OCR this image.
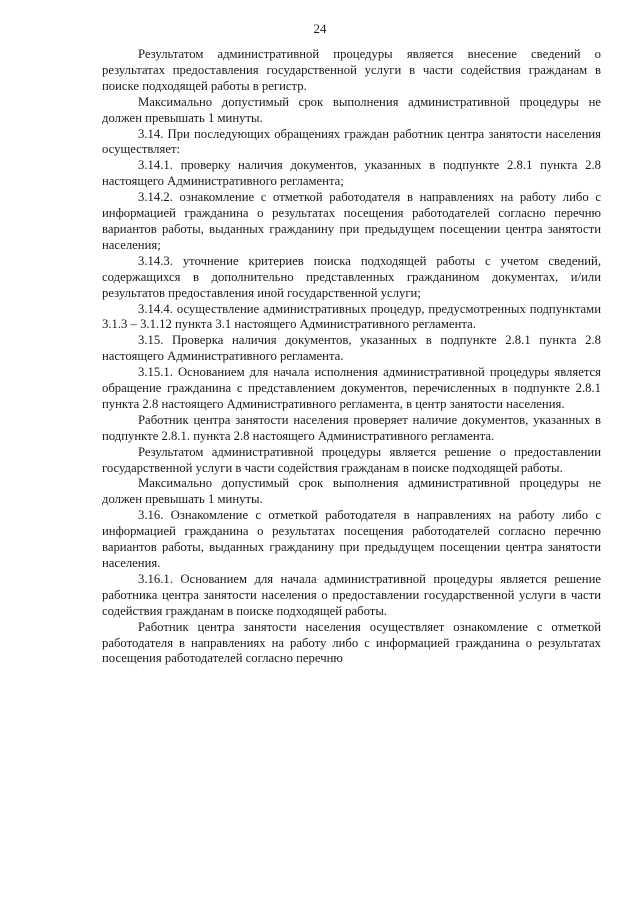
24

Результатом административной процедуры является внесение сведений о результатах предоставления государственной услуги в части содействия гражданам в поиске подходящей работы в регистр.

Максимально допустимый срок выполнения административной процедуры не должен превышать 1 минуты.

3.14. При последующих обращениях граждан работник центра занятости населения осуществляет:

3.14.1. проверку наличия документов, указанных в подпункте 2.8.1 пункта 2.8 настоящего Административного регламента;

3.14.2. ознакомление с отметкой работодателя в направлениях на работу либо с информацией гражданина о результатах посещения работодателей согласно перечню вариантов работы, выданных гражданину при предыдущем посещении центра занятости населения;

3.14.3. уточнение критериев поиска подходящей работы с учетом сведений, содержащихся в дополнительно представленных гражданином документах, и/или результатов предоставления иной государственной услуги;

3.14.4. осуществление административных процедур, предусмотренных подпунктами 3.1.3 – 3.1.12 пункта 3.1 настоящего Административного регламента.

3.15. Проверка наличия документов, указанных в подпункте 2.8.1 пункта 2.8 настоящего Административного регламента.

3.15.1. Основанием для начала исполнения административной процедуры является обращение гражданина с представлением документов, перечисленных в подпункте 2.8.1 пункта 2.8 настоящего Административного регламента, в центр занятости населения.

Работник центра занятости населения проверяет наличие документов, указанных в подпункте 2.8.1. пункта 2.8 настоящего Административного регламента.

Результатом административной процедуры является решение о предоставлении государственной услуги в части содействия гражданам в поиске подходящей работы.

Максимально допустимый срок выполнения административной процедуры не должен превышать 1 минуты.

3.16. Ознакомление с отметкой работодателя в направлениях на работу либо с информацией гражданина о результатах посещения работодателей согласно перечню вариантов работы, выданных гражданину при предыдущем посещении центра занятости населения.

3.16.1. Основанием для начала административной процедуры является решение работника центра занятости населения о предоставлении государственной услуги в части содействия гражданам в поиске подходящей работы.

Работник центра занятости населения осуществляет ознакомление с отметкой работодателя в направлениях на работу либо с информацией гражданина о результатах посещения работодателей согласно перечню
